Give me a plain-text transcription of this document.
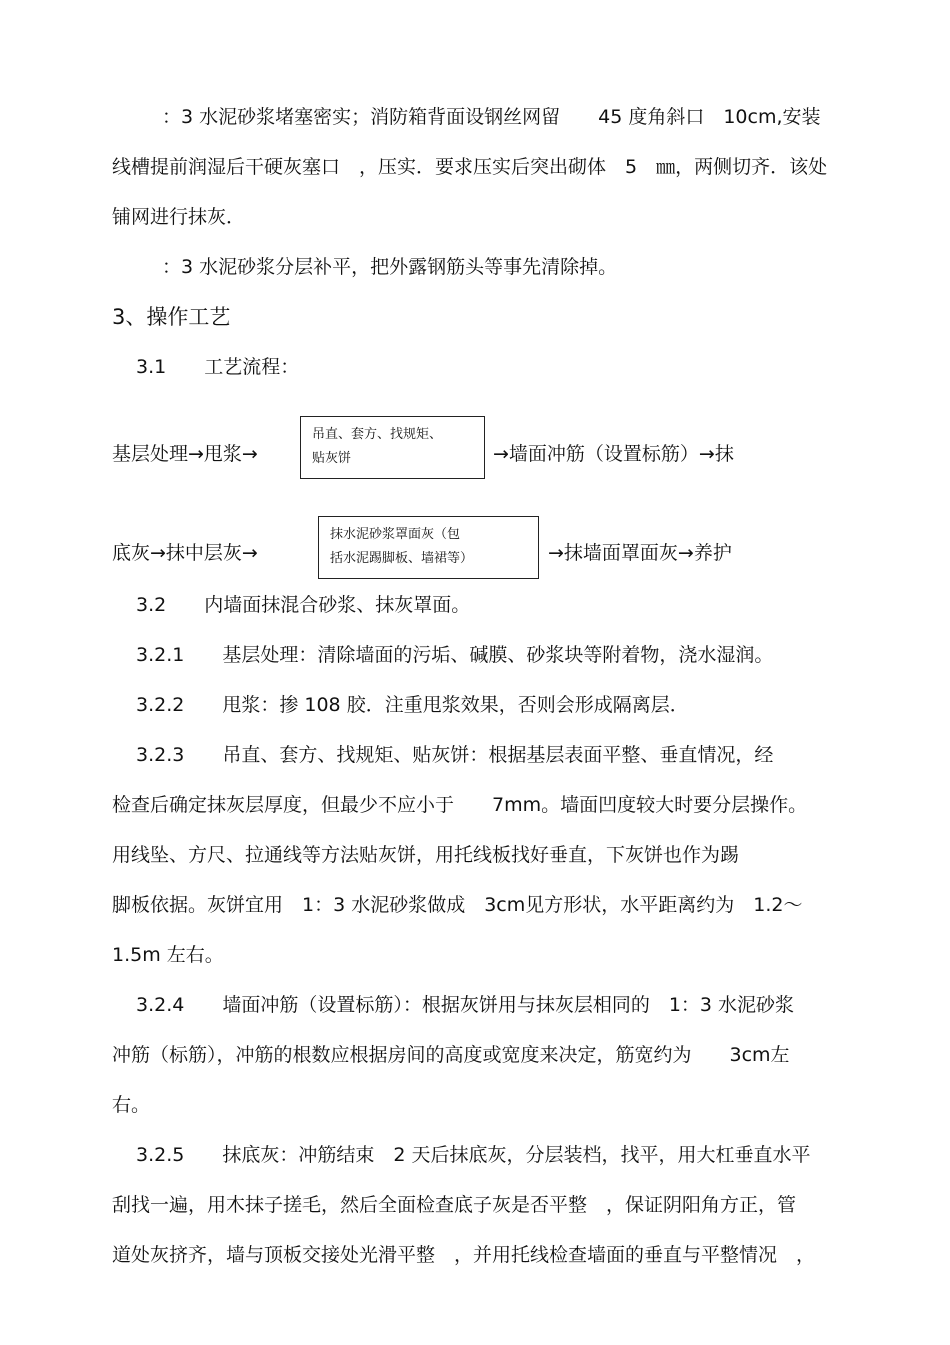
：3 水泥砂浆堵塞密实；消防箱背面设钢丝网留　　45 度角斜口　10cm,安装

线槽提前润湿后干硬灰塞口　，压实．要求压实后突出砌体　5　㎜，两侧切齐．该处

铺网进行抹灰．

：3 水泥砂浆分层补平，把外露钢筋头等事先清除掉。

3、操作工艺

3.1　　工艺流程：

基层处理→甩浆→
吊直、套方、找规矩、
贴灰饼	→墙面冲筋（设置标筋）→抹
底灰→抹中层灰→
抹水泥砂浆罩面灰（包
括水泥踢脚板、墙裙等）	→抹墙面罩面灰→养护

3.2　　内墙面抹混合砂浆、抹灰罩面。

3.2.1　　基层处理：清除墙面的污垢、碱膜、砂浆块等附着物，浇水湿润。

3.2.2　　甩浆：掺 108 胶．注重甩浆效果，否则会形成隔离层．

3.2.3　　吊直、套方、找规矩、贴灰饼：根据基层表面平整、垂直情况，经

检查后确定抹灰层厚度，但最少不应小于　　7mm。墙面凹度较大时要分层操作。

用线坠、方尺、拉通线等方法贴灰饼，用托线板找好垂直，下灰饼也作为踢

脚板依据。灰饼宜用　1：3 水泥砂浆做成　3cm见方形状，水平距离约为　1.2～

1.5m 左右。

3.2.4　　墙面冲筋（设置标筋）：根据灰饼用与抹灰层相同的　1：3 水泥砂浆

冲筋（标筋），冲筋的根数应根据房间的高度或宽度来决定，筋宽约为　　3cm左

右。

3.2.5　　抹底灰：冲筋结束　2 天后抹底灰，分层装档，找平，用大杠垂直水平

刮找一遍，用木抹子搓毛，然后全面检查底子灰是否平整　，保证阴阳角方正，管

道处灰挤齐，墙与顶板交接处光滑平整　，并用托线检查墙面的垂直与平整情况　，
